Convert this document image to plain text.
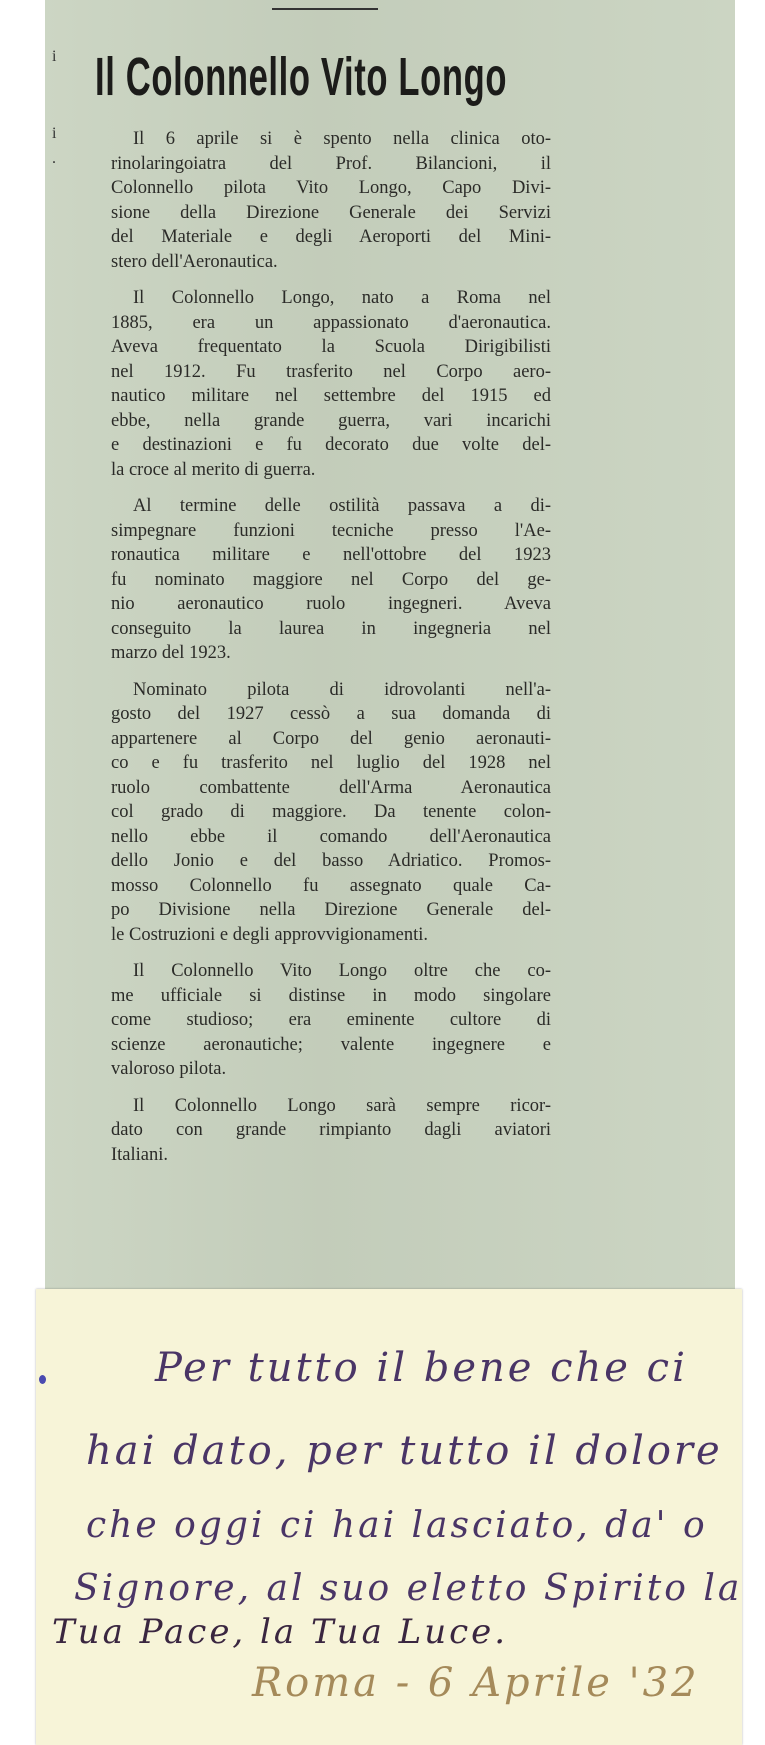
i
i
.
Il Colonnello Vito Longo
Il 6 aprile si è spento nella clinica oto-
rinolaringoiatra del Prof. Bilancioni, il
Colonnello pilota Vito Longo, Capo Divi-
sione della Direzione Generale dei Servizi
del Materiale e degli Aeroporti del Mini-
stero dell'Aeronautica.
Il Colonnello Longo, nato a Roma nel
1885, era un appassionato d'aeronautica.
Aveva frequentato la Scuola Dirigibilisti
nel 1912. Fu trasferito nel Corpo aero-
nautico militare nel settembre del 1915 ed
ebbe, nella grande guerra, vari incarichi
e destinazioni e fu decorato due volte del-
la croce al merito di guerra.
Al termine delle ostilità passava a di-
simpegnare funzioni tecniche presso l'Ae-
ronautica militare e nell'ottobre del 1923
fu nominato maggiore nel Corpo del ge-
nio aeronautico ruolo ingegneri. Aveva
conseguito la laurea in ingegneria nel
marzo del 1923.
Nominato pilota di idrovolanti nell'a-
gosto del 1927 cessò a sua domanda di
appartenere al Corpo del genio aeronauti-
co e fu trasferito nel luglio del 1928 nel
ruolo combattente dell'Arma Aeronautica
col grado di maggiore. Da tenente colon-
nello ebbe il comando dell'Aeronautica
dello Jonio e del basso Adriatico. Promos-
mosso Colonnello fu assegnato quale Ca-
po Divisione nella Direzione Generale del-
le Costruzioni e degli approvvigionamenti.
Il Colonnello Vito Longo oltre che co-
me ufficiale si distinse in modo singolare
come studioso; era eminente cultore di
scienze aeronautiche; valente ingegnere e
valoroso pilota.
Il Colonnello Longo sarà sempre ricor-
dato con grande rimpianto dagli aviatori
Italiani.
Per tutto il bene che ci
hai dato, per tutto il dolore
che oggi ci hai lasciato, da' o
Signore, al suo eletto Spirito la
Tua Pace, la Tua Luce.
Roma - 6 Aprile '32
